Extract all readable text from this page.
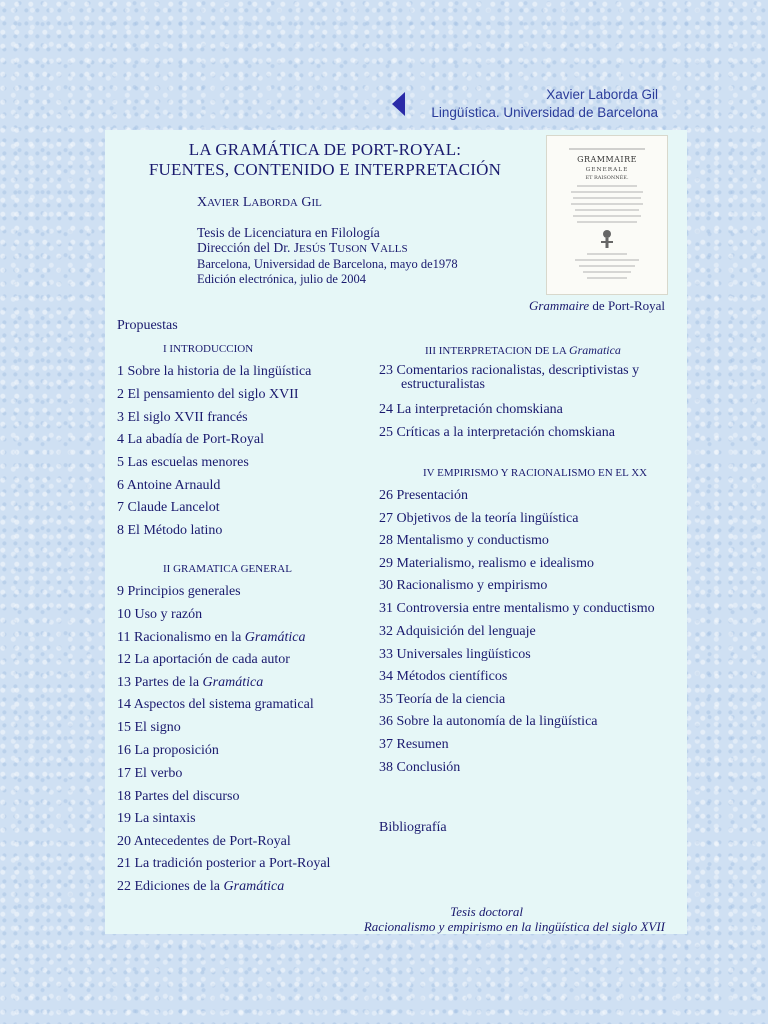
Xavier Laborda Gil
Lingüística. Universidad de Barcelona
LA GRAMÁTICA DE PORT-ROYAL:
FUENTES, CONTENIDO E INTERPRETACIÓN
XAVIER LABORDA GIL
Tesis de Licenciatura en Filología
Dirección del Dr. JESÚS TUSON VALLS
Barcelona, Universidad de Barcelona, mayo de1978
Edición electrónica, julio de 2004
GRAMMAIRE
GENERALE
ET RAISONNÉE.
Grammaire de Port-Royal
Propuestas
I INTRODUCCION
1 Sobre la historia de la lingüística
2 El pensamiento del siglo XVII
3 El siglo XVII francés
4 La abadía de Port-Royal
5 Las escuelas menores
6 Antoine Arnauld
7 Claude Lancelot
8 El Método latino
II GRAMATICA GENERAL
9 Principios generales
10 Uso y razón
11 Racionalismo en la Gramática
12 La aportación de cada autor
13 Partes de la Gramática
14 Aspectos del sistema gramatical
15 El signo
16 La proposición
17 El verbo
18 Partes del discurso
19 La sintaxis
20 Antecedentes de Port-Royal
21 La tradición posterior a Port-Royal
22 Ediciones de la Gramática
III INTERPRETACION DE LA Gramatica
23 Comentarios racionalistas, descriptivistas y
estructuralistas
24 La interpretación chomskiana
25 Críticas a la interpretación chomskiana
IV EMPIRISMO Y RACIONALISMO EN EL XX
26 Presentación
27 Objetivos de la teoría lingüística
28 Mentalismo y conductismo
29 Materialismo, realismo e idealismo
30 Racionalismo y empirismo
31 Controversia entre mentalismo y conductismo
32 Adquisición del lenguaje
33 Universales lingüísticos
34 Métodos científicos
35 Teoría de la ciencia
36 Sobre la autonomía de la lingüística
37 Resumen
38 Conclusión
Bibliografía
Tesis doctoral
Racionalismo y empirismo en la lingüística del siglo XVII
